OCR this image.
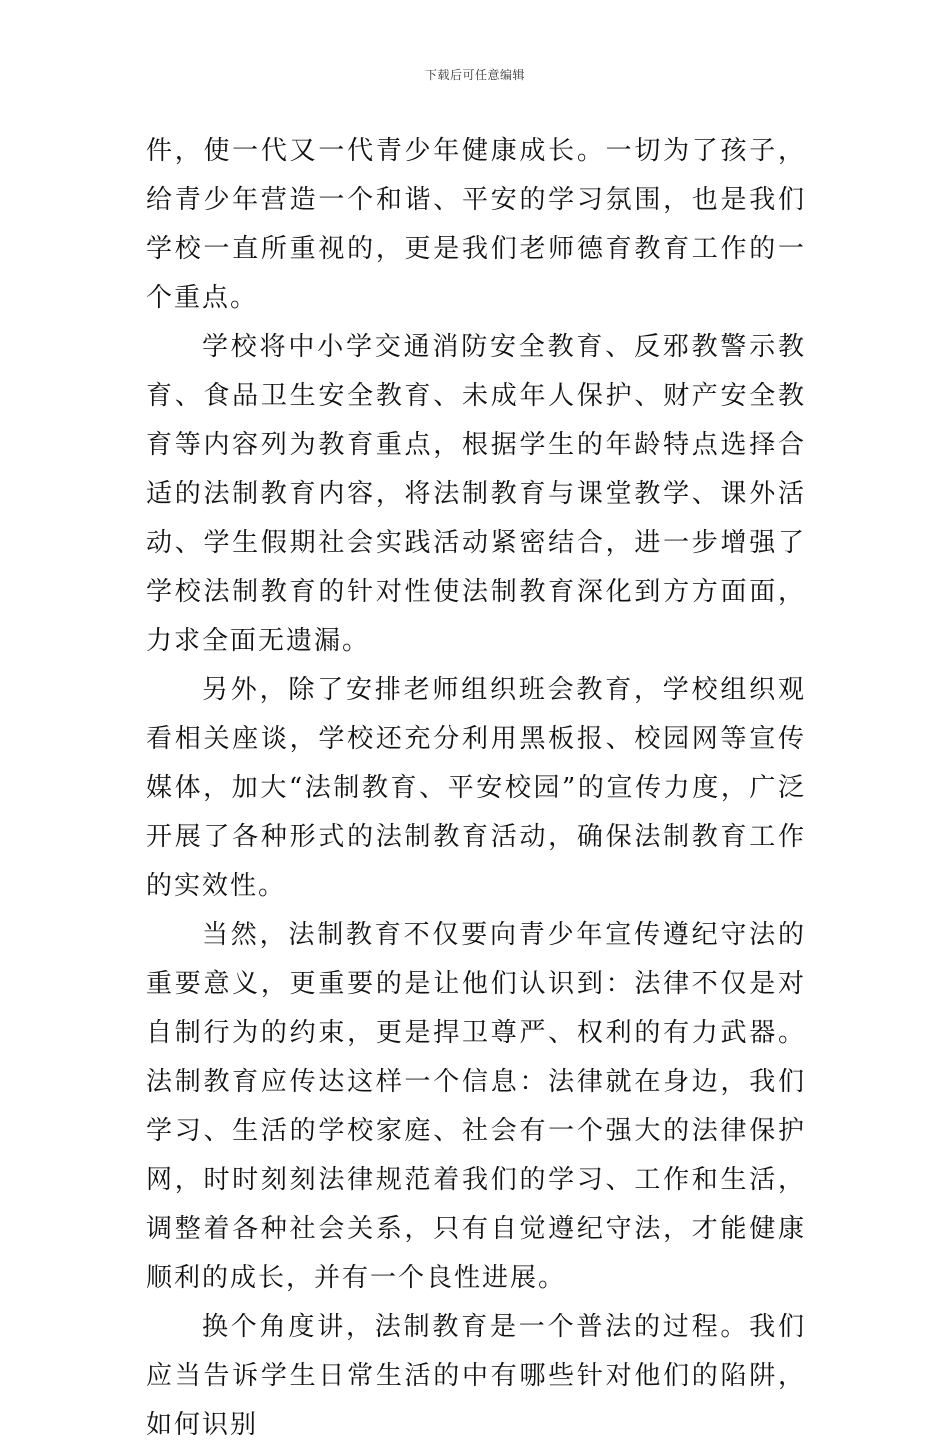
下载后可任意编辑

件，使一代又一代青少年健康成长。一切为了孩子，给青少年营造一个和谐、平安的学习氛围，也是我们学校一直所重视的，更是我们老师德育教育工作的一个重点。

学校将中小学交通消防安全教育、反邪教警示教育、食品卫生安全教育、未成年人保护、财产安全教育等内容列为教育重点，根据学生的年龄特点选择合适的法制教育内容，将法制教育与课堂教学、课外活动、学生假期社会实践活动紧密结合，进一步增强了学校法制教育的针对性使法制教育深化到方方面面，力求全面无遗漏。

另外，除了安排老师组织班会教育，学校组织观看相关座谈，学校还充分利用黑板报、校园网等宣传媒体，加大“法制教育、平安校园”的宣传力度，广泛开展了各种形式的法制教育活动，确保法制教育工作的实效性。

当然，法制教育不仅要向青少年宣传遵纪守法的重要意义，更重要的是让他们认识到：法律不仅是对自制行为的约束，更是捍卫尊严、权利的有力武器。法制教育应传达这样一个信息：法律就在身边，我们学习、生活的学校家庭、社会有一个强大的法律保护网，时时刻刻法律规范着我们的学习、工作和生活，调整着各种社会关系，只有自觉遵纪守法，才能健康顺利的成长，并有一个良性进展。

换个角度讲，法制教育是一个普法的过程。我们应当告诉学生日常生活的中有哪些针对他们的陷阱，如何识别
